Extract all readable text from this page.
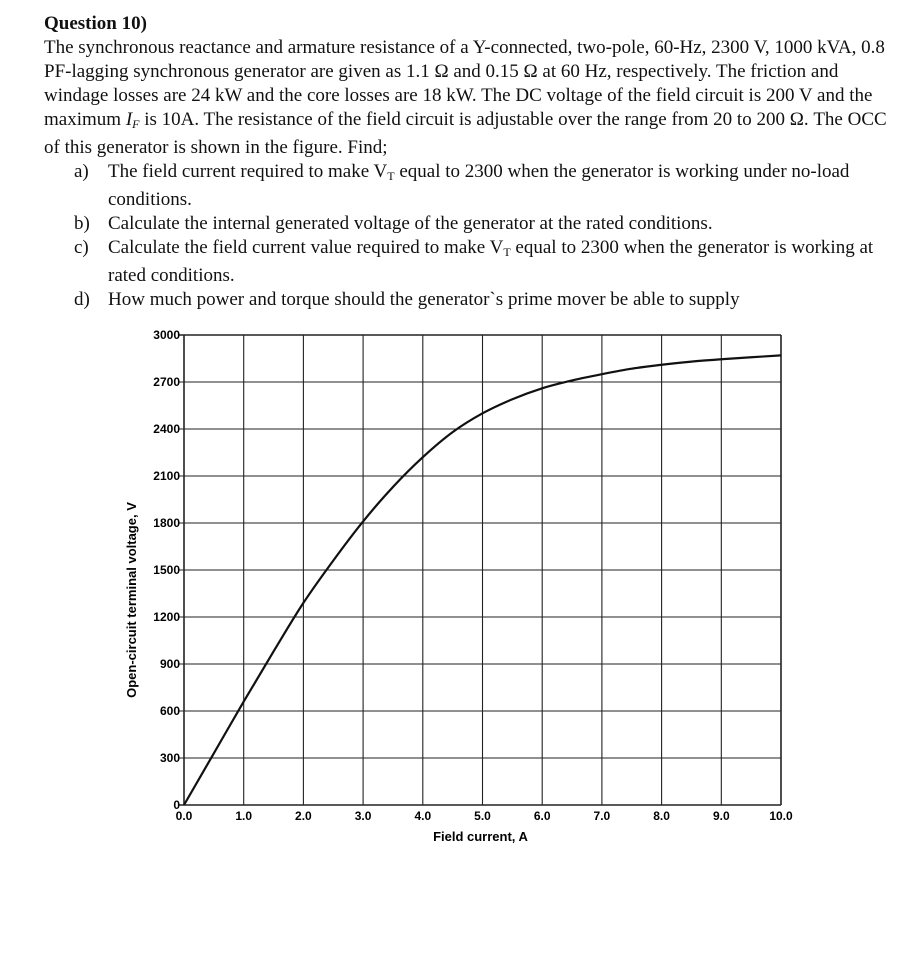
Question 10)

The synchronous reactance and armature resistance of a Y-connected, two-pole, 60-Hz, 2300 V, 1000 kVA, 0.8 PF-lagging synchronous generator are given as 1.1 Ω and 0.15 Ω at 60 Hz, respectively. The friction and windage losses are 24 kW and the core losses are 18 kW. The DC voltage of the field circuit is 200 V and the maximum $I_F$ is 10A. The resistance of the field circuit is adjustable over the range from 20 to 200 Ω. The OCC of this generator is shown in the figure. Find;

a) The field current required to make $V_T$ equal to 2300 when the generator is working under no-load conditions.
b) Calculate the internal generated voltage of the generator at the rated conditions.
c) Calculate the field current value required to make $V_T$ equal to 2300 when the generator is working at rated conditions.
d) How much power and torque should the generator`s prime mover be able to supply
0
300
600
900
1200
1500
1800
2100
2400
2700
3000
0.0	1.0	2.0	3.0	4.0	5.0	6.0	7.0	8.0	9.0	10.0
Field current, A
Open-circuit terminal voltage, V
